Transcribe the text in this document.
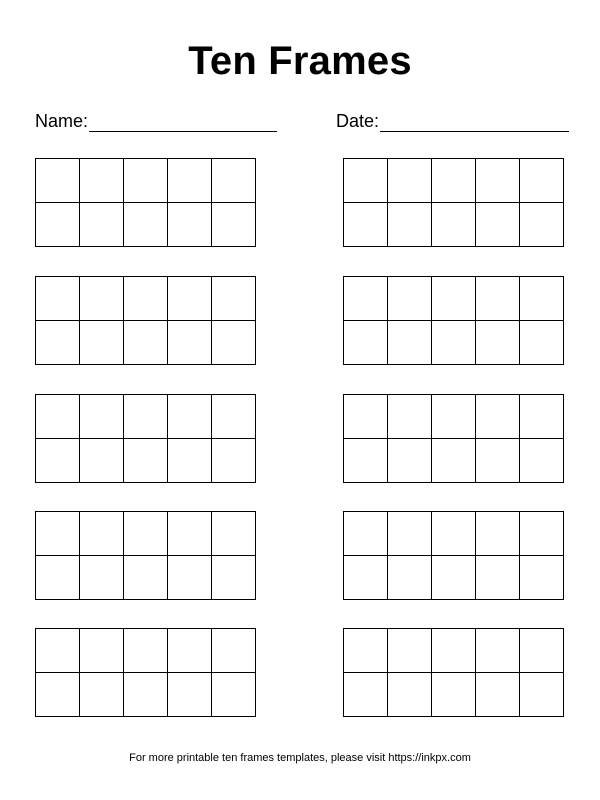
Ten Frames
Name:	Date:
For more printable ten frames templates, please visit https://inkpx.com
